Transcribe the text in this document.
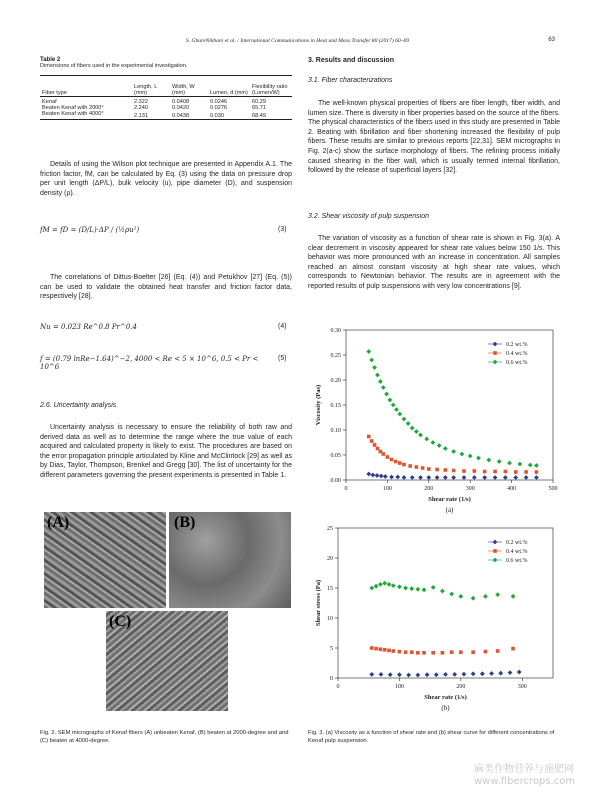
S. GhareNikhani et al. / International Communications in Heat and Mass Transfer 80 (2017) 60–69	63
Table 2
Dimensions of fibers used in the experimental investigation.
Fiber type	Length, L (mm)	Width, W (mm)	Lumen, d (mm)	Flexibility ratio (Lumen/W)
Kenaf	2.322	0.0408	0.0246	60.29
Beaten Kenaf with 2000°	2.240	0.0420	0.0276	65.71
Beaten Kenaf with 4000°	2.131	0.0438	0.030	68.49
Details of using the Wilson plot technique are presented in Appendix A.1. The friction factor, fM, can be calculated by Eq. (3) using the data on pressure drop per unit length (ΔP/L), bulk velocity (u), pipe diameter (D), and suspension density (ρ).
fM = fD = (D/L)·ΔP / (½ρu²)	(3)
The correlations of Dittus-Boelter [26] (Eq. (4)) and Petukhov [27] (Eq. (5)) can be used to validate the obtained heat transfer and friction factor data, respectively [28].
Nu = 0.023 Re^0.8 Pr^0.4	(4)
f = (0.79 lnRe−1.64)^−2, 4000 < Re < 5 × 10^6, 0.5 < Pr < 10^6
(5)
2.6. Uncertainty analysis
Uncertainty analysis is necessary to ensure the reliability of both raw and derived data as well as to determine the range where the true value of each acquired and calculated property is likely to exist. The procedures are based on the error propagation principle articulated by Kline and McClintock [29] as well as by Dias, Taylor, Thompson, Brenkel and Gregg [30]. The list of uncertainty for the different parameters governing the present experiments is presented in Table 1.
(A)	(B)
(C)
Fig. 2. SEM micrographs of Kenaf fibers (A) unbeaten Kenaf, (B) beaten at 2000-degree and and (C) beaten at 4000-degree.
3. Results and discussion
3.1. Fiber characterizations
The well-known physical properties of fibers are fiber length, fiber width, and lumen size. There is diversity in fiber properties based on the source of the fibers. The physical characteristics of the fibers used in this study are presented in Table 2. Beating with fibrillation and fiber shortening increased the flexibility of pulp fibers. These results are similar to previous reports [22,31]. SEM micrographs in Fig. 2(a-c) show the surface morphology of fibers. The refining process initially caused shearing in the fiber wall, which is usually termed internal fibrillation, followed by the release of superficial layers [32].
3.2. Shear viscosity of pulp suspension
The variation of viscosity as a function of shear rate is shown in Fig. 3(a). A clear decrement in viscosity appeared for shear rate values below 150 1/s. This behavior was more pronounced with an increase in concentration. All samples reached an almost constant viscosity at high shear rate values, which corresponds to Newtonian behavior. The results are in agreement with the reported results of pulp suspensions with very low concentrations [9].
0	100	200	300	400	500
0.00
0.05
0.10
0.15
0.20
0.25
0.30
Shear rate (1/s)
Viscosity (Pas)
(a)
0.2 wt.%
0.4 wt.%
0.6 wt.%
0	100	200	300
0
5
10
15
20
25
Shear rate (1/s)
Shear stress (Pa)
(b)
0.2 wt.%
0.4 wt.%
0.6 wt.%
Fig. 3. (a) Viscosity as a function of shear rate and (b) shear curve for different concentrations of Kenaf pulp suspension.
麻类作物营养与施肥网 www.fibercrops.com
